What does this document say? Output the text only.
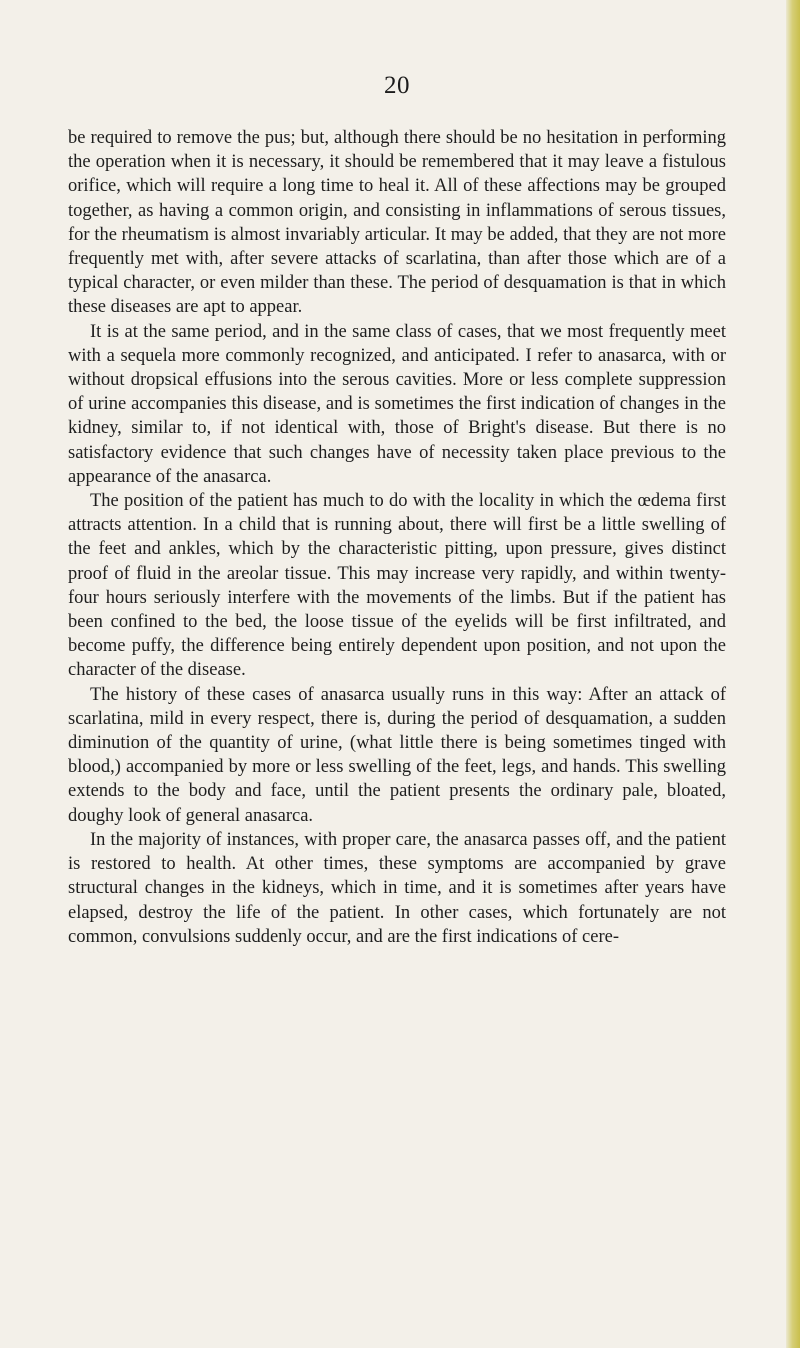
20

be required to remove the pus; but, although there should be no hesitation in performing the operation when it is necessary, it should be remembered that it may leave a fistulous orifice, which will require a long time to heal it. All of these affections may be grouped together, as having a common origin, and consisting in inflammations of serous tissues, for the rheumatism is almost invariably articular. It may be added, that they are not more frequently met with, after severe attacks of scarlatina, than after those which are of a typical character, or even milder than these. The period of desquamation is that in which these diseases are apt to appear.

It is at the same period, and in the same class of cases, that we most frequently meet with a sequela more commonly recognized, and anticipated. I refer to anasarca, with or without dropsical effusions into the serous cavities. More or less complete suppression of urine accompanies this disease, and is sometimes the first indication of changes in the kidney, similar to, if not identical with, those of Bright's disease. But there is no satisfactory evidence that such changes have of necessity taken place previous to the appearance of the anasarca.

The position of the patient has much to do with the locality in which the œdema first attracts attention. In a child that is running about, there will first be a little swelling of the feet and ankles, which by the characteristic pitting, upon pressure, gives distinct proof of fluid in the areolar tissue. This may increase very rapidly, and within twenty-four hours seriously interfere with the movements of the limbs. But if the patient has been confined to the bed, the loose tissue of the eyelids will be first infiltrated, and become puffy, the difference being entirely dependent upon position, and not upon the character of the disease.

The history of these cases of anasarca usually runs in this way: After an attack of scarlatina, mild in every respect, there is, during the period of desquamation, a sudden diminution of the quantity of urine, (what little there is being sometimes tinged with blood,) accompanied by more or less swelling of the feet, legs, and hands. This swelling extends to the body and face, until the patient presents the ordinary pale, bloated, doughy look of general anasarca.

In the majority of instances, with proper care, the anasarca passes off, and the patient is restored to health. At other times, these symptoms are accompanied by grave structural changes in the kidneys, which in time, and it is sometimes after years have elapsed, destroy the life of the patient. In other cases, which fortunately are not common, convulsions suddenly occur, and are the first indications of cere-
